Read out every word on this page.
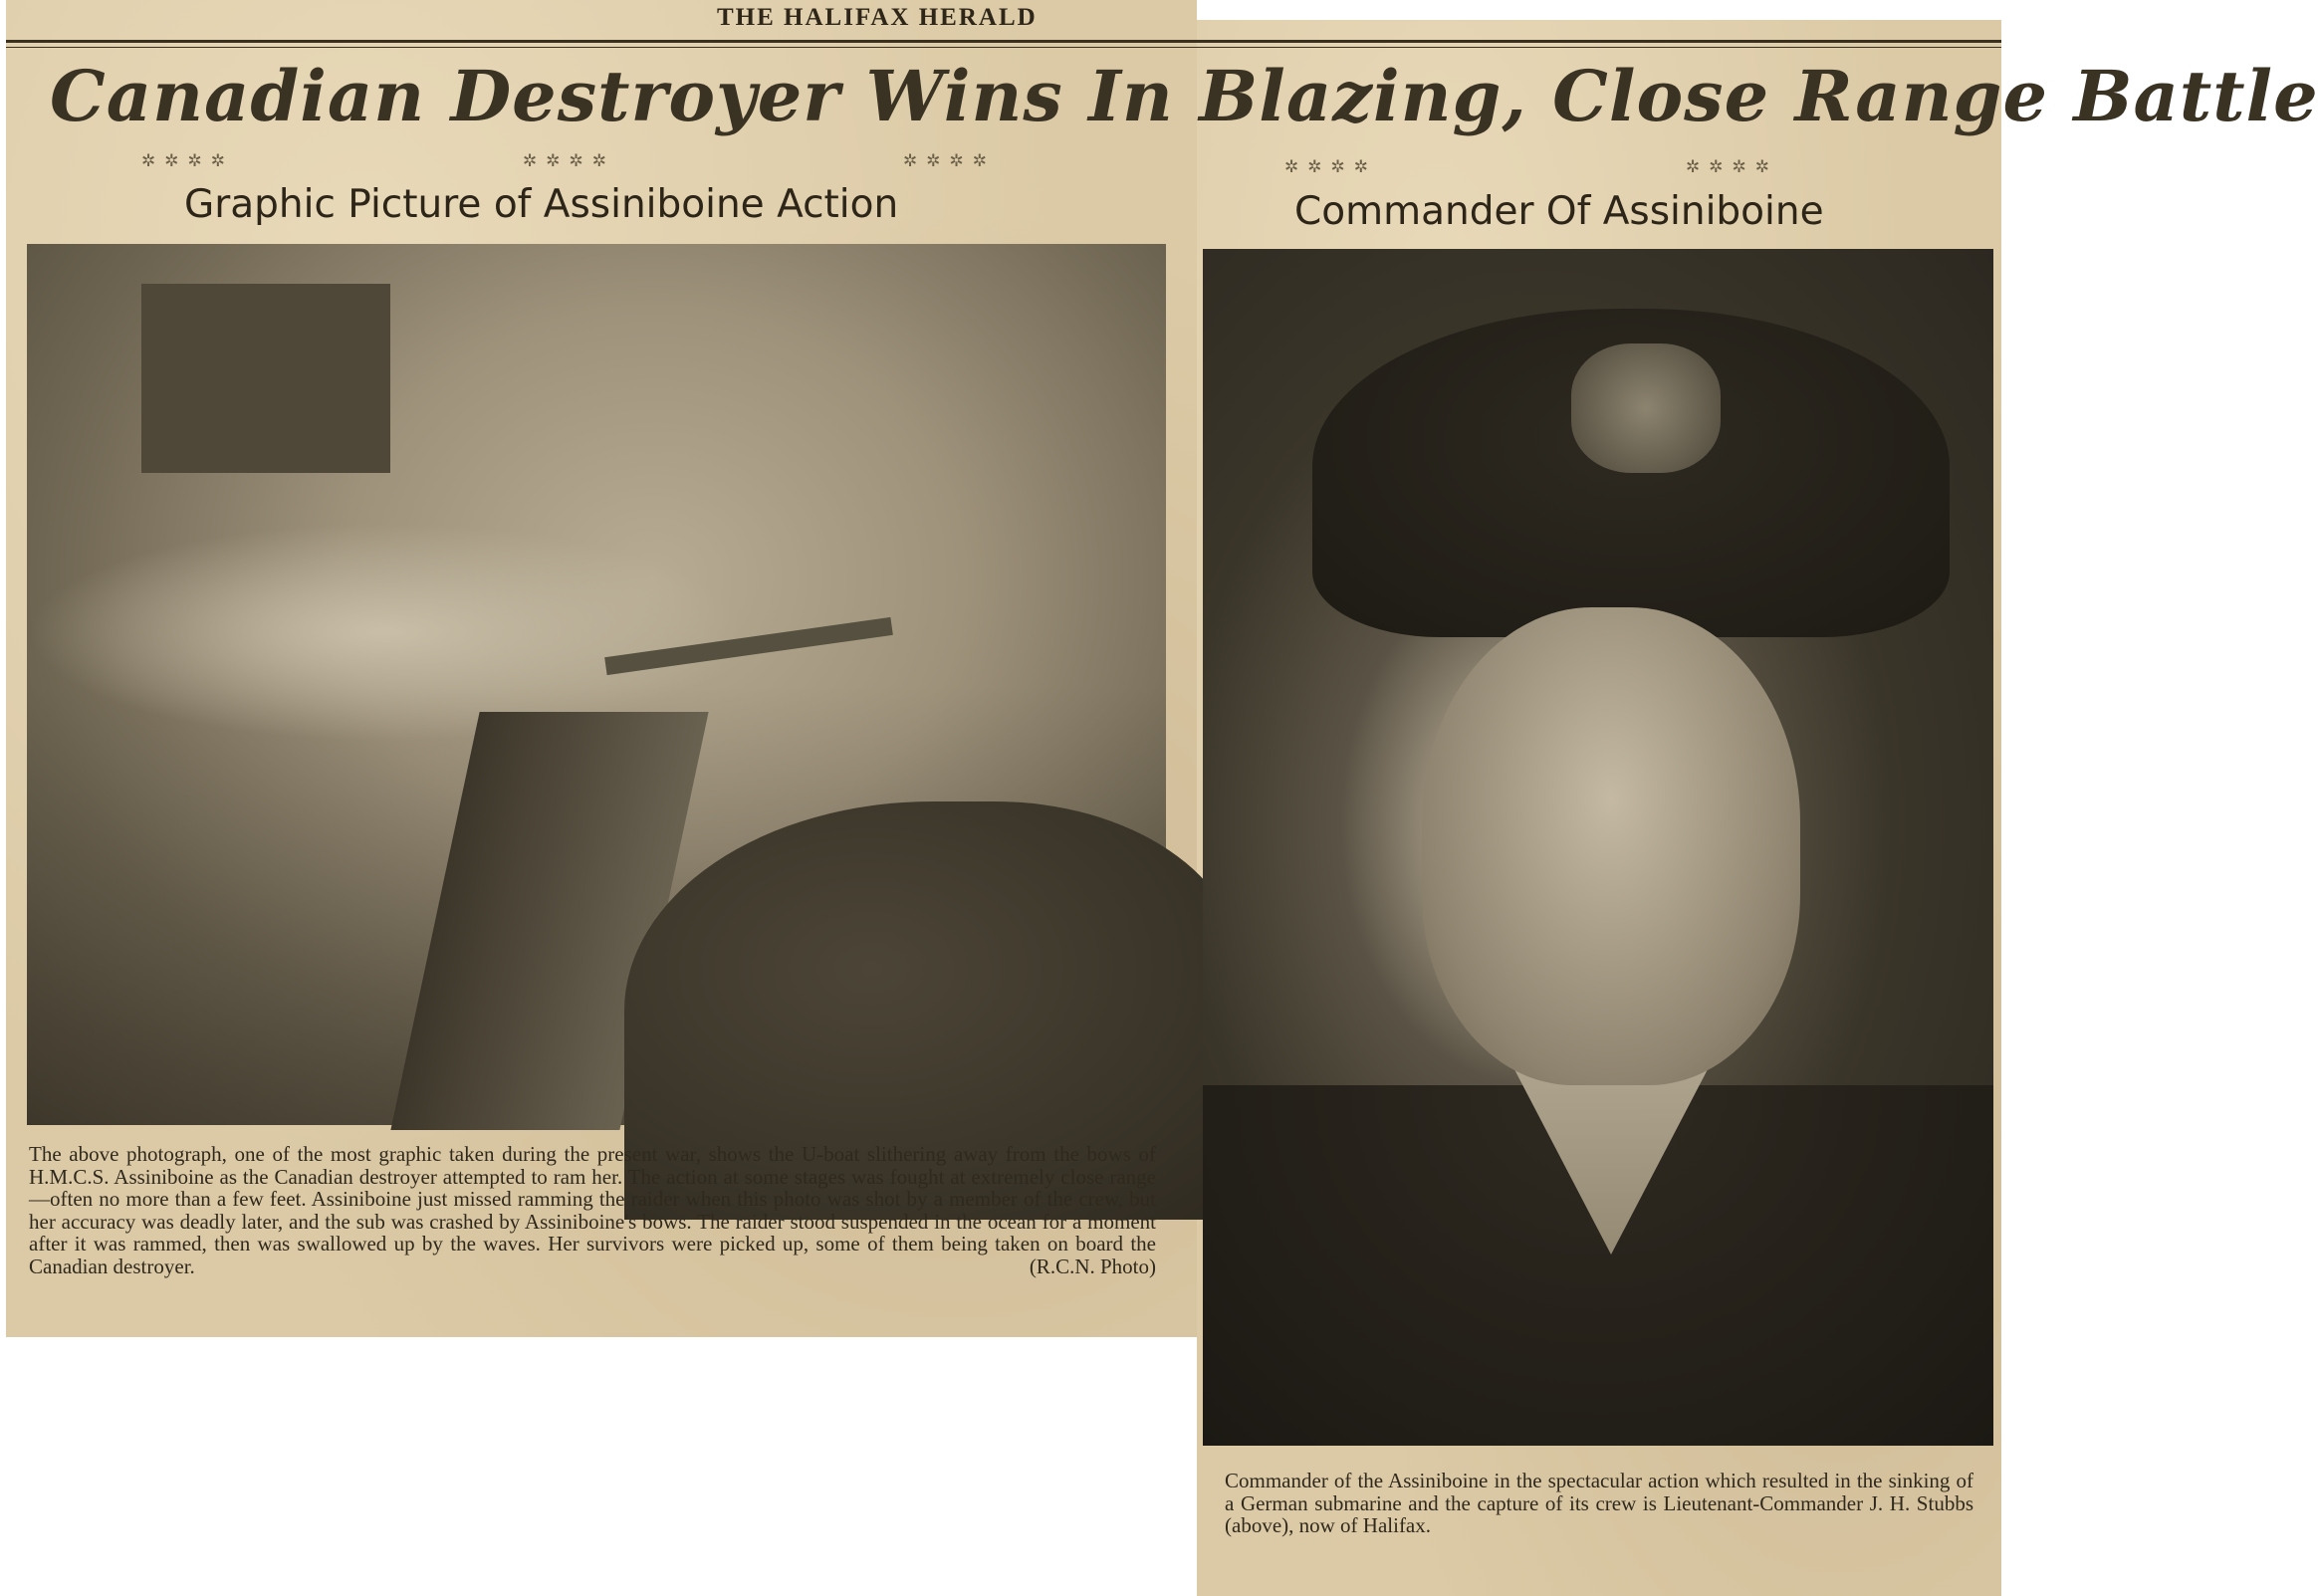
THE HALIFAX HERALD
Canadian Destroyer Wins In Blazing, Close Range Battle
✲✲✲✲	✲✲✲✲	✲✲✲✲	✲✲✲✲	✲✲✲✲
Graphic Picture of Assiniboine Action	Commander Of Assiniboine
The above photograph, one of the most graphic taken during the present war, shows the U-boat slithering away from the bows of H.M.C.S. Assiniboine as the Canadian destroyer attempted to ram her. The action at some stages was fought at extremely close range—often no more than a few feet. Assiniboine just missed ramming the raider when this photo was shot by a member of the crew, but her accuracy was deadly later, and the sub was crashed by Assiniboine's bows. The raider stood suspended in the ocean for a moment after it was rammed, then was swallowed up by the waves. Her survivors were picked up, some of them being taken on board the Canadian destroyer.	(R.C.N. Photo)
Commander of the Assiniboine in the spectacular action which resulted in the sinking of a German submarine and the capture of its crew is Lieutenant-Commander J. H. Stubbs (above), now of Halifax.
